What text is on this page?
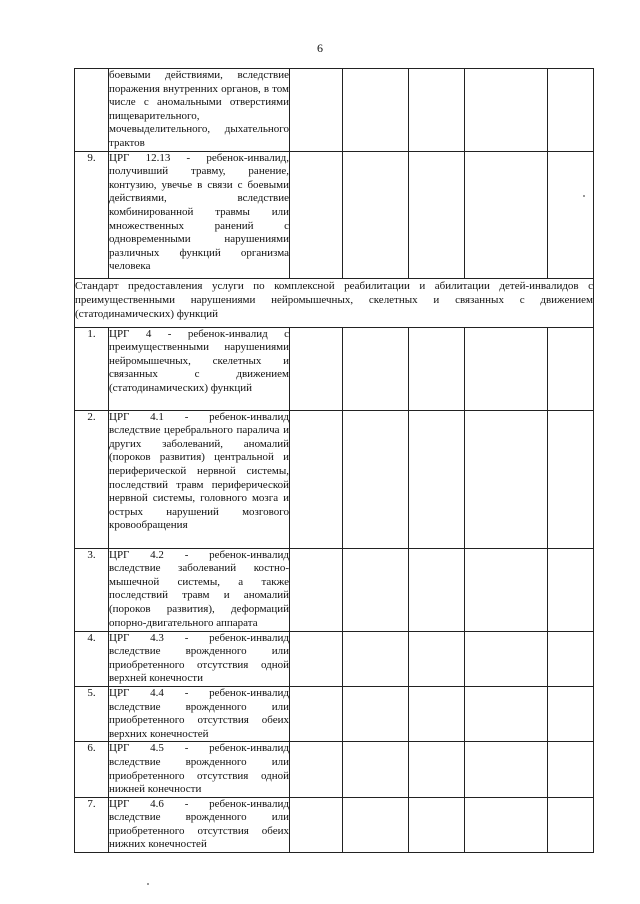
6

	боевыми действиями, вследствие поражения внутренних органов, в том числе с аномальными отверстиями пищеварительного, мочевыделительного, дыхательного трактов					

9.	ЦРГ 12.13 - ребенок-инвалид, получивший травму, ранение, контузию, увечье в связи с боевыми действиями, вследствие комбинированной травмы или множественных ранений с одновременными нарушениями различных функций организма человека					

Стандарт предоставления услуги по комплексной реабилитации и абилитации детей-инвалидов с преимущественными нарушениями нейромышечных, скелетных и связанных с движением (статодинамических) функций						
1.	ЦРГ 4 - ребенок-инвалид с преимущественными нарушениями нейромышечных, скелетных и связанных с движением (статодинамических) функций					

2.	ЦРГ 4.1 - ребенок-инвалид вследствие церебрального паралича и других заболеваний, аномалий (пороков развития) центральной и периферической нервной системы, последствий травм периферической нервной системы, головного мозга и острых нарушений мозгового кровообращения					

3.	ЦРГ 4.2 - ребенок-инвалид вследствие заболеваний костно-мышечной системы, а также последствий травм и аномалий (пороков развития), деформаций опорно-двигательного аппарата					

4.	ЦРГ 4.3 - ребенок-инвалид вследствие врожденного или приобретенного отсутствия одной верхней конечности					

5.	ЦРГ 4.4 - ребенок-инвалид вследствие врожденного или приобретенного отсутствия обеих верхних конечностей					

6.	ЦРГ 4.5 - ребенок-инвалид вследствие врожденного или приобретенного отсутствия одной нижней конечности					

7.	ЦРГ 4.6 - ребенок-инвалид вследствие врожденного или приобретенного отсутствия обеих нижних конечностей					
